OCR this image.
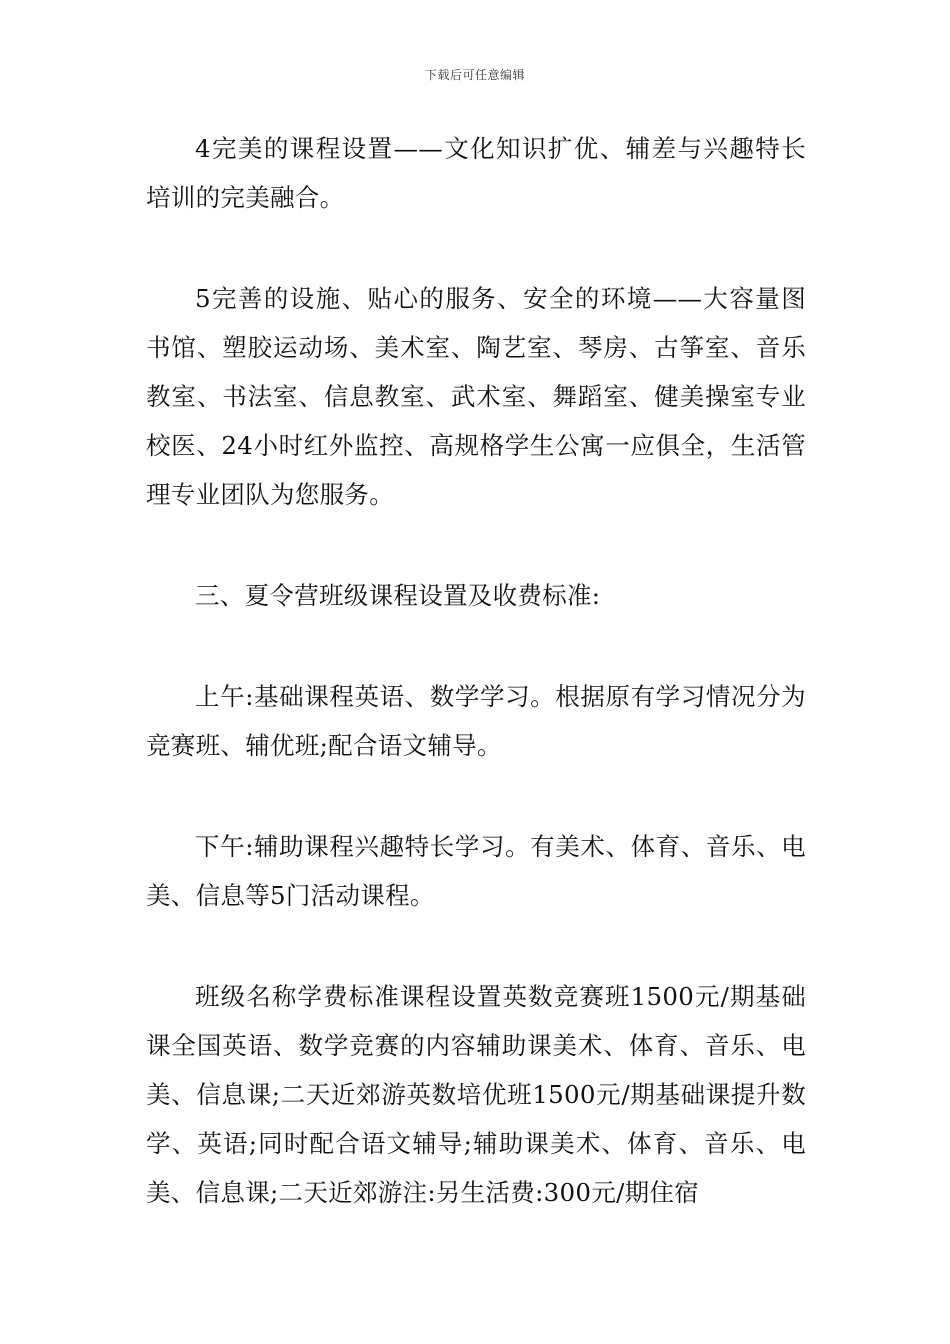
下载后可任意编辑

4完美的课程设置——文化知识扩优、辅差与兴趣特长培训的完美融合。

5完善的设施、贴心的服务、安全的环境——大容量图书馆、塑胶运动场、美术室、陶艺室、琴房、古筝室、音乐教室、书法室、信息教室、武术室、舞蹈室、健美操室专业校医、24小时红外监控、高规格学生公寓一应俱全，生活管理专业团队为您服务。

三、夏令营班级课程设置及收费标准:

上午:基础课程英语、数学学习。根据原有学习情况分为竞赛班、辅优班;配合语文辅导。

下午:辅助课程兴趣特长学习。有美术、体育、音乐、电美、信息等5门活动课程。

班级名称学费标准课程设置英数竞赛班1500元/期基础课全国英语、数学竞赛的内容辅助课美术、体育、音乐、电美、信息课;二天近郊游英数培优班1500元/期基础课提升数学、英语;同时配合语文辅导;辅助课美术、体育、音乐、电美、信息课;二天近郊游注:另生活费:300元/期住宿
